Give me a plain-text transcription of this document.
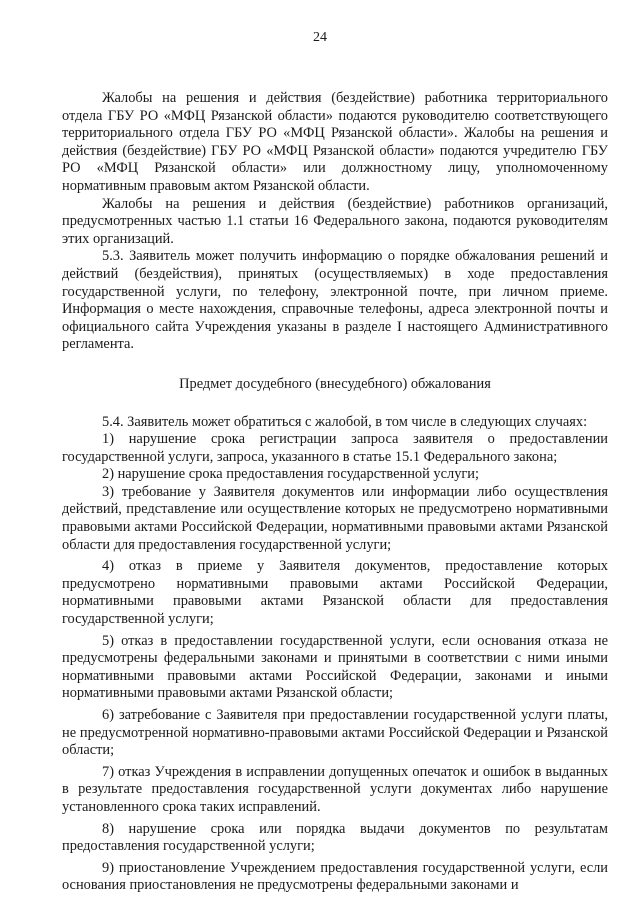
24

Жалобы на решения и действия (бездействие) работника территориального отдела ГБУ РО «МФЦ Рязанской области» подаются руководителю соответствующего территориального отдела ГБУ РО «МФЦ Рязанской области». Жалобы на решения и действия (бездействие) ГБУ РО «МФЦ Рязанской области» подаются учредителю ГБУ РО «МФЦ Рязанской области» или должностному лицу, уполномоченному нормативным правовым актом Рязанской области.

Жалобы на решения и действия (бездействие) работников организаций, предусмотренных частью 1.1 статьи 16 Федерального закона, подаются руководителям этих организаций.

5.3. Заявитель может получить информацию о порядке обжалования решений и действий (бездействия), принятых (осуществляемых) в ходе предоставления государственной услуги, по телефону, электронной почте, при личном приеме. Информация о месте нахождения, справочные телефоны, адреса электронной почты и официального сайта Учреждения указаны в разделе I настоящего Административного регламента.

Предмет досудебного (внесудебного) обжалования

5.4. Заявитель может обратиться с жалобой, в том числе в следующих случаях:

1) нарушение срока регистрации запроса заявителя о предоставлении государственной услуги, запроса, указанного в статье 15.1 Федерального закона;

2) нарушение срока предоставления государственной услуги;

3) требование у Заявителя документов или информации либо осуществления действий, представление или осуществление которых не предусмотрено нормативными правовыми актами Российской Федерации, нормативными правовыми актами Рязанской области для предоставления государственной услуги;

4) отказ в приеме у Заявителя документов, предоставление которых предусмотрено нормативными правовыми актами Российской Федерации, нормативными правовыми актами Рязанской области для предоставления государственной услуги;

5) отказ в предоставлении государственной услуги, если основания отказа не предусмотрены федеральными законами и принятыми в соответствии с ними иными нормативными правовыми актами Российской Федерации, законами и иными нормативными правовыми актами Рязанской области;

6) затребование с Заявителя при предоставлении государственной услуги платы, не предусмотренной нормативно-правовыми актами Российской Федерации и Рязанской области;

7) отказ Учреждения в исправлении допущенных опечаток и ошибок в выданных в результате предоставления государственной услуги документах либо нарушение установленного срока таких исправлений.

8) нарушение срока или порядка выдачи документов по результатам предоставления государственной услуги;

9) приостановление Учреждением предоставления государственной услуги, если основания приостановления не предусмотрены федеральными законами и
